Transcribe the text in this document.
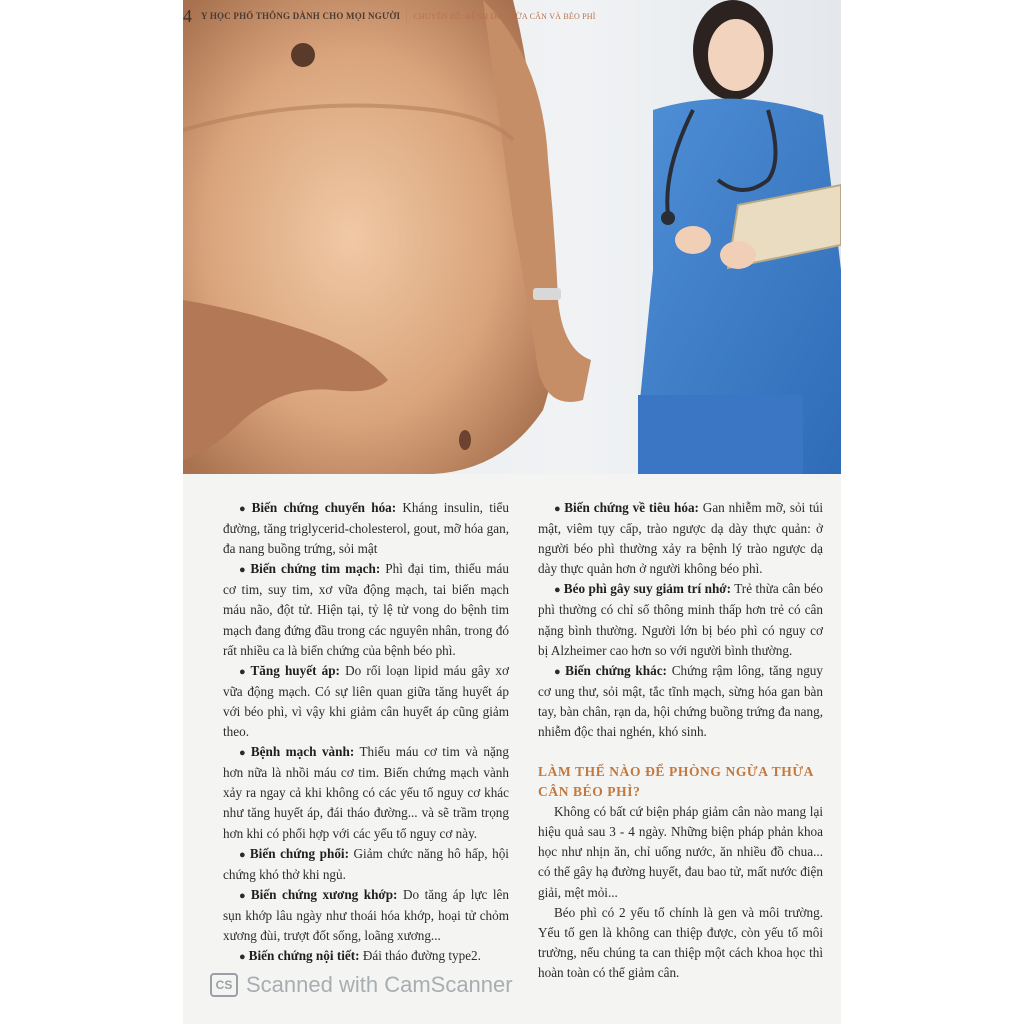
4	Y HỌC PHỔ THÔNG DÀNH CHO MỌI NGƯỜI CHUYÊN ĐỀ: BỆNH DO THỪA CÂN VÀ BÉO PHÌ

● Biến chứng chuyển hóa: Kháng insulin, tiểu đường, tăng triglycerid-cholesterol, gout, mỡ hóa gan, đa nang buồng trứng, sỏi mật

● Biến chứng tim mạch: Phì đại tim, thiếu máu cơ tim, suy tim, xơ vữa động mạch, tai biến mạch máu não, đột tử. Hiện tại, tỷ lệ tử vong do bệnh tim mạch đang đứng đầu trong các nguyên nhân, trong đó rất nhiều ca là biến chứng của bệnh béo phì.

● Tăng huyết áp: Do rối loạn lipid máu gây xơ vữa động mạch. Có sự liên quan giữa tăng huyết áp với béo phì, vì vậy khi giảm cân huyết áp cũng giảm theo.

● Bệnh mạch vành: Thiếu máu cơ tim và nặng hơn nữa là nhồi máu cơ tim. Biến chứng mạch vành xảy ra ngay cả khi không có các yếu tố nguy cơ khác như tăng huyết áp, đái tháo đường... và sẽ trầm trọng hơn khi có phối hợp với các yếu tố nguy cơ này.

● Biến chứng phổi: Giảm chức năng hô hấp, hội chứng khó thở khi ngủ.

● Biến chứng xương khớp: Do tăng áp lực lên sụn khớp lâu ngày như thoái hóa khớp, hoại tử chỏm xương đùi, trượt đốt sống, loãng xương...

● Biến chứng nội tiết: Đái tháo đường type2.

● Biến chứng về tiêu hóa: Gan nhiễm mỡ, sỏi túi mật, viêm tụy cấp, trào ngược dạ dày thực quản: ở người béo phì thường xảy ra bệnh lý trào ngược dạ dày thực quản hơn ở người không béo phì.

● Béo phì gây suy giảm trí nhớ: Trẻ thừa cân béo phì thường có chỉ số thông minh thấp hơn trẻ có cân nặng bình thường. Người lớn bị béo phì có nguy cơ bị Alzheimer cao hơn so với người bình thường.

● Biến chứng khác: Chứng rậm lông, tăng nguy cơ ung thư, sỏi mật, tắc tĩnh mạch, sừng hóa gan bàn tay, bàn chân, rạn da, hội chứng buồng trứng đa nang, nhiễm độc thai nghén, khó sinh.

LÀM THẾ NÀO ĐỂ PHÒNG NGỪA THỪA CÂN BÉO PHÌ?

Không có bất cứ biện pháp giảm cân nào mang lại hiệu quả sau 3 - 4 ngày. Những biện pháp phản khoa học như nhịn ăn, chỉ uống nước, ăn nhiều đồ chua... có thể gây hạ đường huyết, đau bao tử, mất nước điện giải, mệt mỏi...

Béo phì có 2 yếu tố chính là gen và môi trường. Yếu tố gen là không can thiệp được, còn yếu tố môi trường, nếu chúng ta can thiệp một cách khoa học thì hoàn toàn có thể giảm cân.

CS Scanned with CamScanner
